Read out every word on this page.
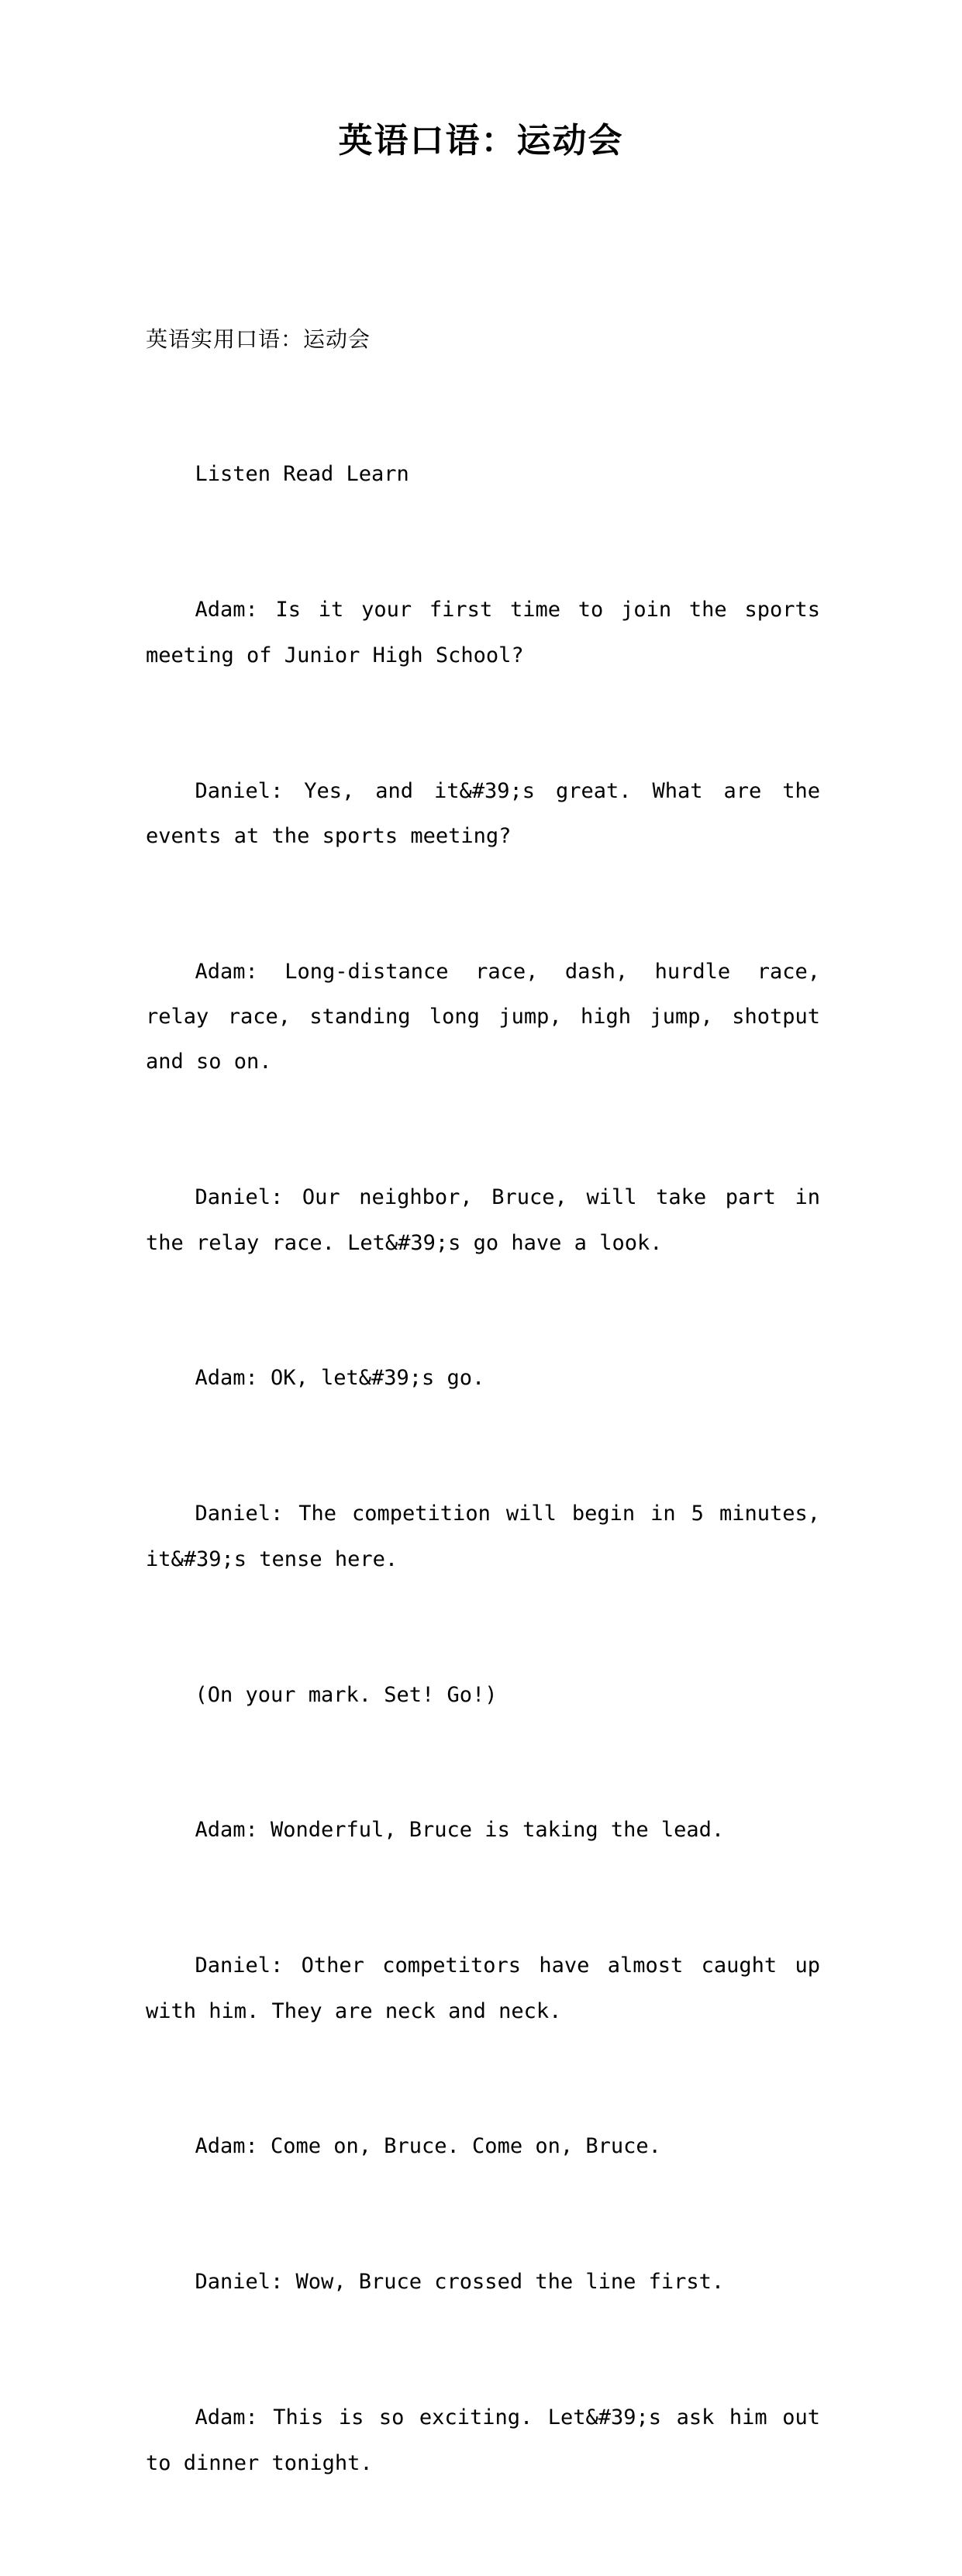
英语口语：运动会

英语实用口语：运动会

Listen Read Learn

Adam: Is it your first time to join the sports meeting of Junior High School?

Daniel: Yes, and it&#39;s great. What are the events at the sports meeting?

Adam: Long-distance race, dash, hurdle race, relay race, standing long jump, high jump, shotput and so on.

Daniel: Our neighbor, Bruce, will take part in the relay race. Let&#39;s go have a look.

Adam: OK, let&#39;s go.

Daniel: The competition will begin in 5 minutes, it&#39;s tense here.

(On your mark. Set! Go!)

Adam: Wonderful, Bruce is taking the lead.

Daniel: Other competitors have almost caught up with him. They are neck and neck.

Adam: Come on, Bruce. Come on, Bruce.

Daniel: Wow, Bruce crossed the line first.

Adam: This is so exciting. Let&#39;s ask him out to dinner tonight.
